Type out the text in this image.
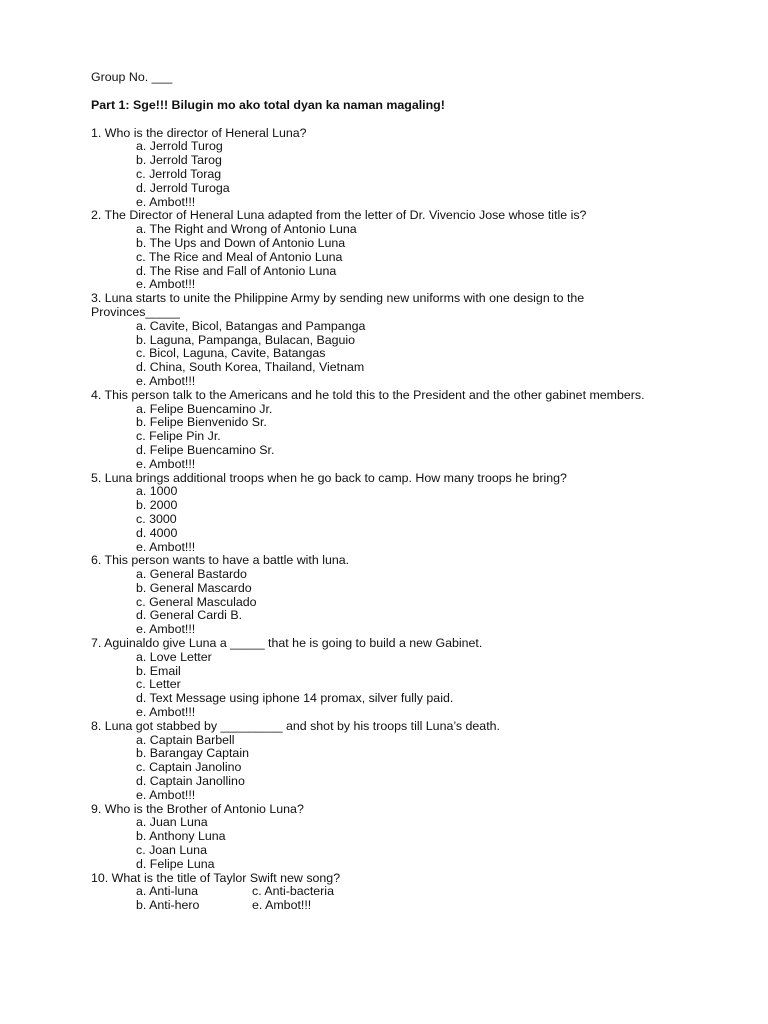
Group No. ___
Part 1: Sge!!! Bilugin mo ako total dyan ka naman magaling!
1. Who is the director of Heneral Luna?
a. Jerrold Turog
b. Jerrold Tarog
c. Jerrold Torag
d. Jerrold Turoga
e. Ambot!!!
2. The Director of Heneral Luna adapted from the letter of Dr. Vivencio Jose whose title is?
a. The Right and Wrong of Antonio Luna
b. The Ups and Down of Antonio Luna
c. The Rice and Meal of Antonio Luna
d. The Rise and Fall of Antonio Luna
e. Ambot!!!
3. Luna starts to unite the Philippine Army by sending new uniforms with one design to the Provinces_____
a. Cavite, Bicol, Batangas and Pampanga
b. Laguna, Pampanga, Bulacan, Baguio
c. Bicol, Laguna, Cavite, Batangas
d. China, South Korea, Thailand, Vietnam
e. Ambot!!!
4. This person talk to the Americans and he told this to the President and the other gabinet members.
a. Felipe Buencamino Jr.
b. Felipe Bienvenido Sr.
c. Felipe Pin Jr.
d. Felipe Buencamino Sr.
e. Ambot!!!
5. Luna brings additional troops when he go back to camp. How many troops he bring?
a. 1000
b. 2000
c. 3000
d. 4000
e. Ambot!!!
6. This person wants to have a battle with luna.
a. General Bastardo
b. General Mascardo
c. General Masculado
d. General Cardi B.
e. Ambot!!!
7. Aguinaldo give Luna a _____ that he is going to build a new Gabinet.
a. Love Letter
b. Email
c. Letter
d. Text Message using iphone 14 promax, silver fully paid.
e. Ambot!!!
8. Luna got stabbed by _________ and shot by his troops till Luna’s death.
a. Captain Barbell
b. Barangay Captain
c. Captain Janolino
d. Captain Janollino
e. Ambot!!!
9. Who is the Brother of Antonio Luna?
a. Juan Luna
b. Anthony Luna
c. Joan Luna
d. Felipe Luna
10. What is the title of Taylor Swift new song?
a. Anti-luna	c. Anti-bacteria
b. Anti-hero	e. Ambot!!!
